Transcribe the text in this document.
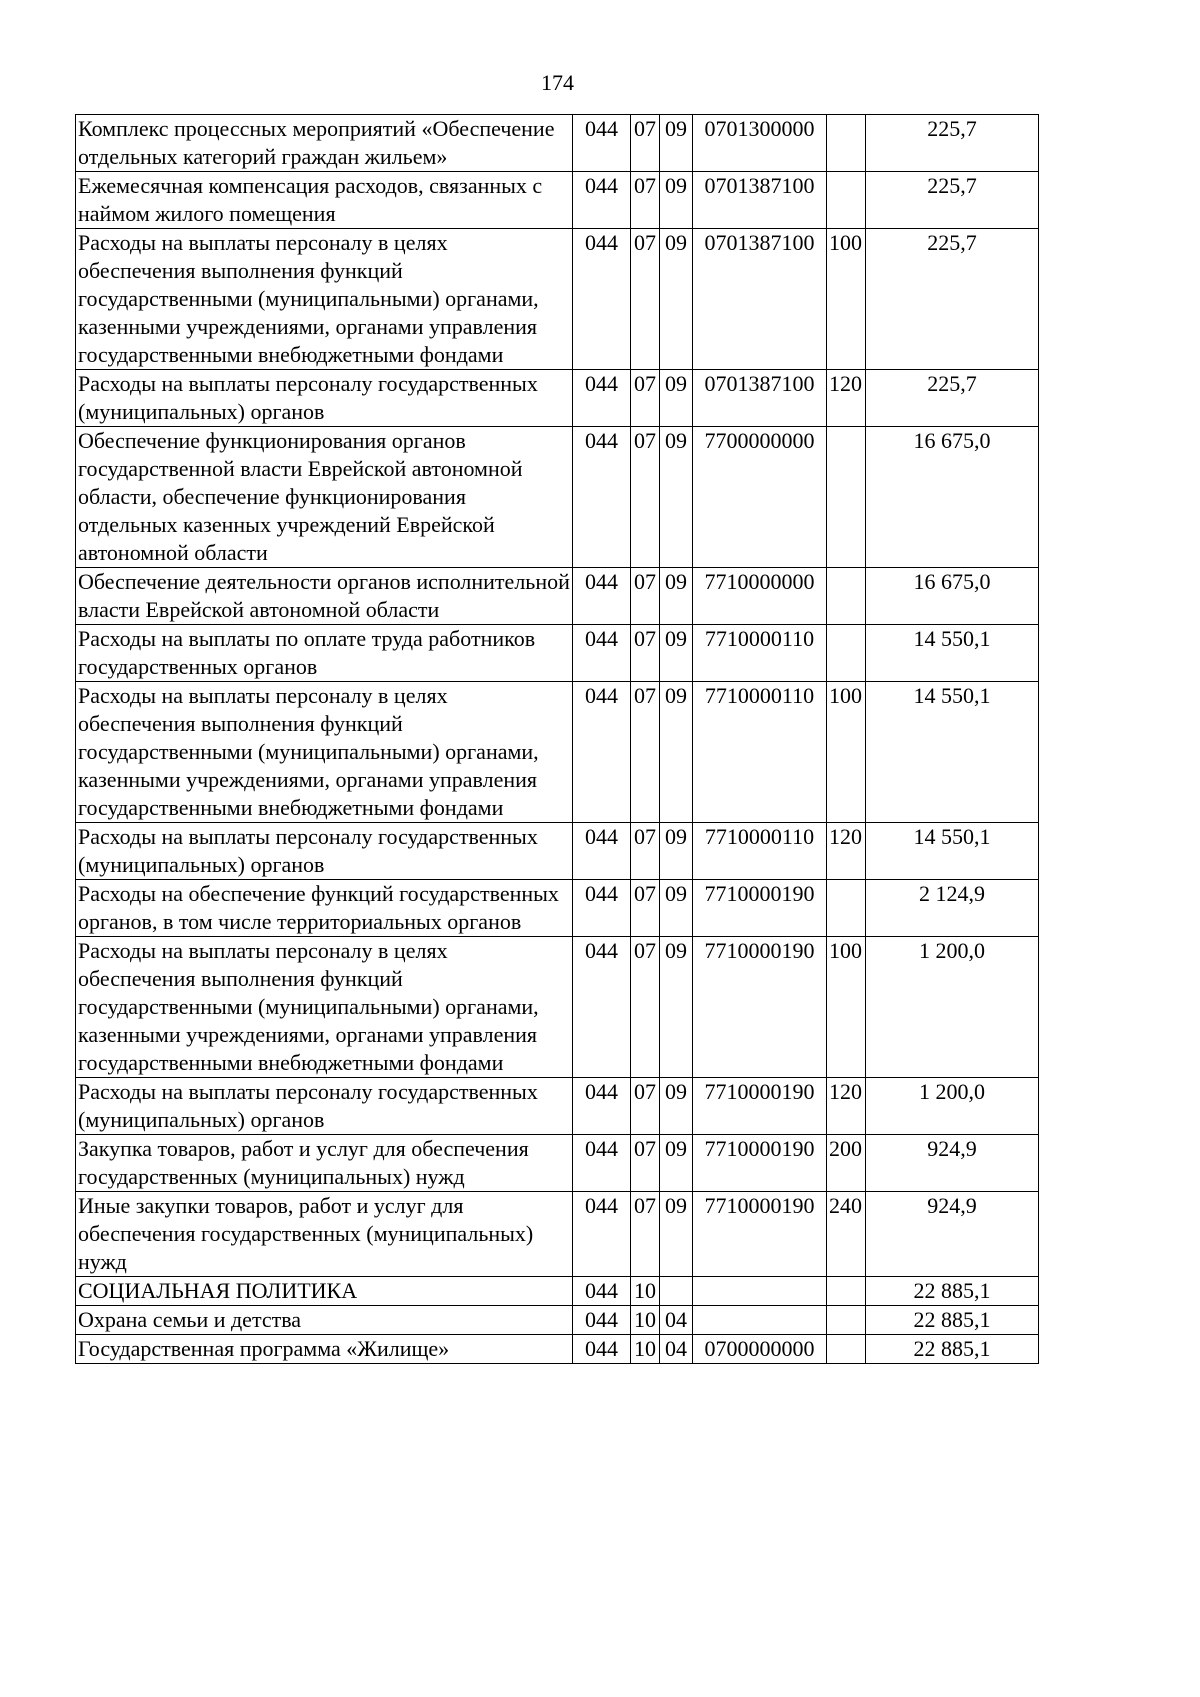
174
Комплекс процессных мероприятий «Обеспечение отдельных категорий граждан жильем»	044	07	09	0701300000		225,7
Ежемесячная компенсация расходов, связанных с наймом жилого помещения	044	07	09	0701387100		225,7
Расходы на выплаты персоналу в целях обеспечения выполнения функций государственными (муниципальными) органами, казенными учреждениями, органами управления государственными внебюджетными фондами	044	07	09	0701387100	100	225,7
Расходы на выплаты персоналу государственных (муниципальных) органов	044	07	09	0701387100	120	225,7
Обеспечение функционирования органов государственной власти Еврейской автономной области, обеспечение функционирования отдельных казенных учреждений Еврейской автономной области	044	07	09	7700000000		16 675,0
Обеспечение деятельности органов исполнительной власти Еврейской автономной области	044	07	09	7710000000		16 675,0
Расходы на выплаты по оплате труда работников государственных органов	044	07	09	7710000110		14 550,1
Расходы на выплаты персоналу в целях обеспечения выполнения функций государственными (муниципальными) органами, казенными учреждениями, органами управления государственными внебюджетными фондами	044	07	09	7710000110	100	14 550,1
Расходы на выплаты персоналу государственных (муниципальных) органов	044	07	09	7710000110	120	14 550,1
Расходы на обеспечение функций государственных органов, в том числе территориальных органов	044	07	09	7710000190		2 124,9
Расходы на выплаты персоналу в целях обеспечения выполнения функций государственными (муниципальными) органами, казенными учреждениями, органами управления государственными внебюджетными фондами	044	07	09	7710000190	100	1 200,0
Расходы на выплаты персоналу государственных (муниципальных) органов	044	07	09	7710000190	120	1 200,0
Закупка товаров, работ и услуг для обеспечения государственных (муниципальных) нужд	044	07	09	7710000190	200	924,9
Иные закупки товаров, работ и услуг для обеспечения государственных (муниципальных) нужд	044	07	09	7710000190	240	924,9
СОЦИАЛЬНАЯ ПОЛИТИКА	044	10				22 885,1
Охрана семьи и детства	044	10	04			22 885,1
Государственная программа «Жилище»	044	10	04	0700000000		22 885,1
